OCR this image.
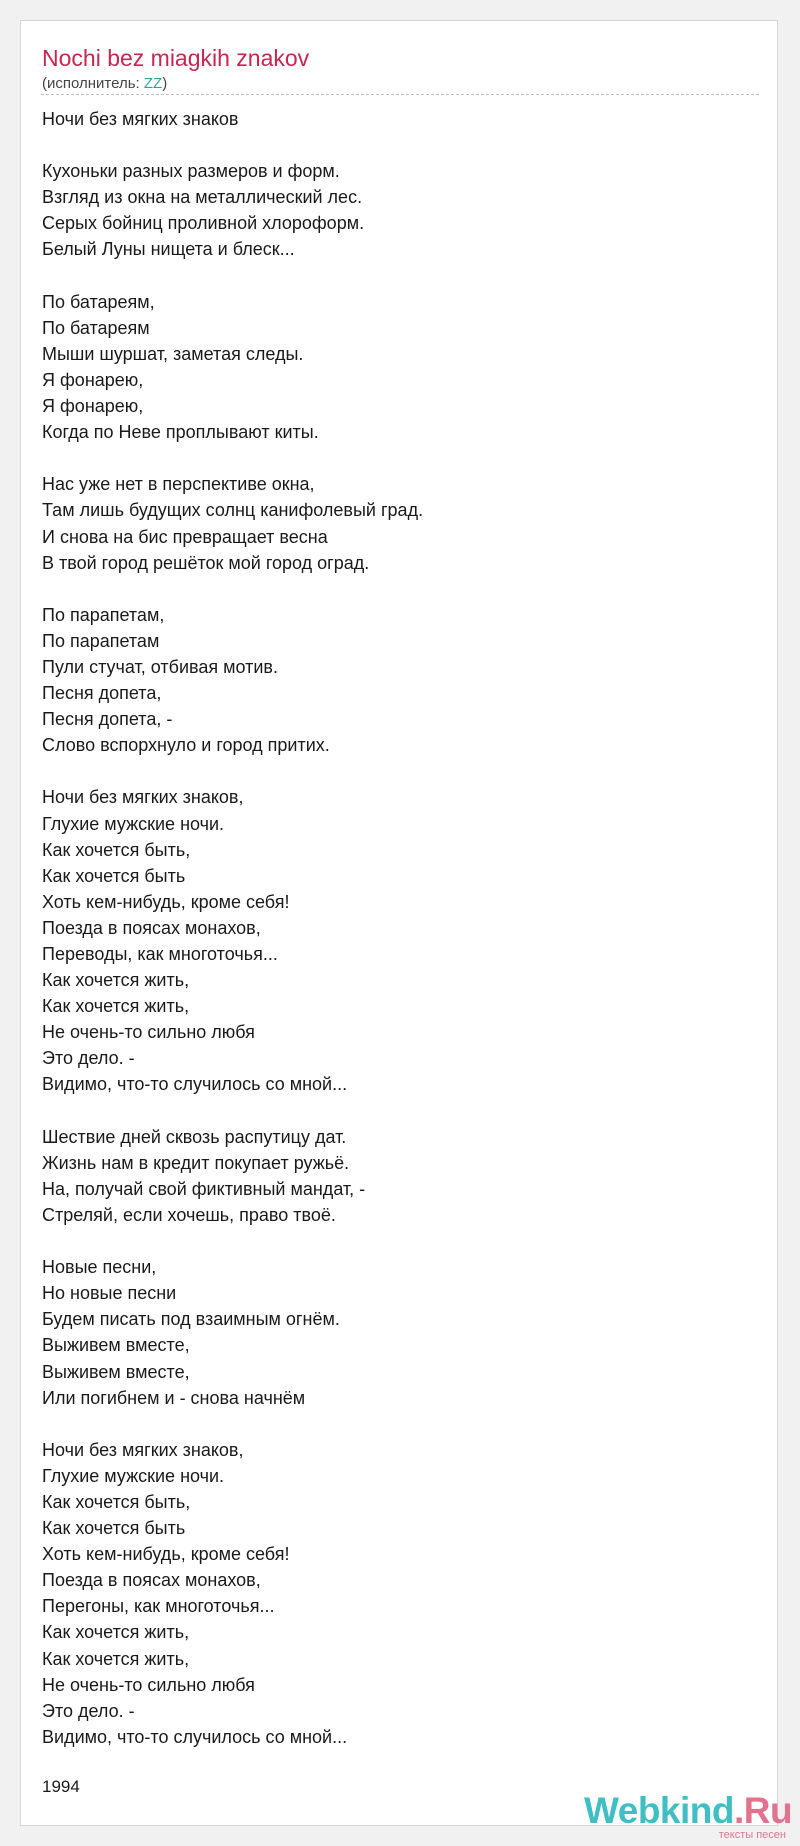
Nochi bez miagkih znakov
(исполнитель: ZZ)
Ночи без мягких знаков
Кухоньки разных размеров и форм.
Взгляд из окна на металлический лес.
Серых бойниц проливной хлороформ.
Белый Луны нищета и блеск...
По батареям,
По батареям
Мыши шуршат, заметая следы.
Я фонарею,
Я фонарею,
Когда по Неве проплывают киты.
Нас уже нет в перспективе окна,
Там лишь будущих солнц канифолевый град.
И снова на бис превращает весна
В твой город решёток мой город оград.
По парапетам,
По парапетам
Пули стучат, отбивая мотив.
Песня допета,
Песня допета, -
Слово вспорхнуло и город притих.
Ночи без мягких знаков,
Глухие мужские ночи.
Как хочется быть,
Как хочется быть
Хоть кем-нибудь, кроме себя!
Поезда в поясах монахов,
Переводы, как многоточья...
Как хочется жить,
Как хочется жить,
Не очень-то сильно любя
Это дело. -
Видимо, что-то случилось со мной...
Шествие дней сквозь распутицу дат.
Жизнь нам в кредит покупает ружьё.
На, получай свой фиктивный мандат, -
Стреляй, если хочешь, право твоё.
Новые песни,
Но новые песни
Будем писать под взаимным огнём.
Выживем вместе,
Выживем вместе,
Или погибнем и - снова начнём
Ночи без мягких знаков,
Глухие мужские ночи.
Как хочется быть,
Как хочется быть
Хоть кем-нибудь, кроме себя!
Поезда в поясах монахов,
Перегоны, как многоточья...
Как хочется жить,
Как хочется жить,
Не очень-то сильно любя
Это дело. -
Видимо, что-то случилось со мной...
1994
Webkind.Ru
тексты песен
